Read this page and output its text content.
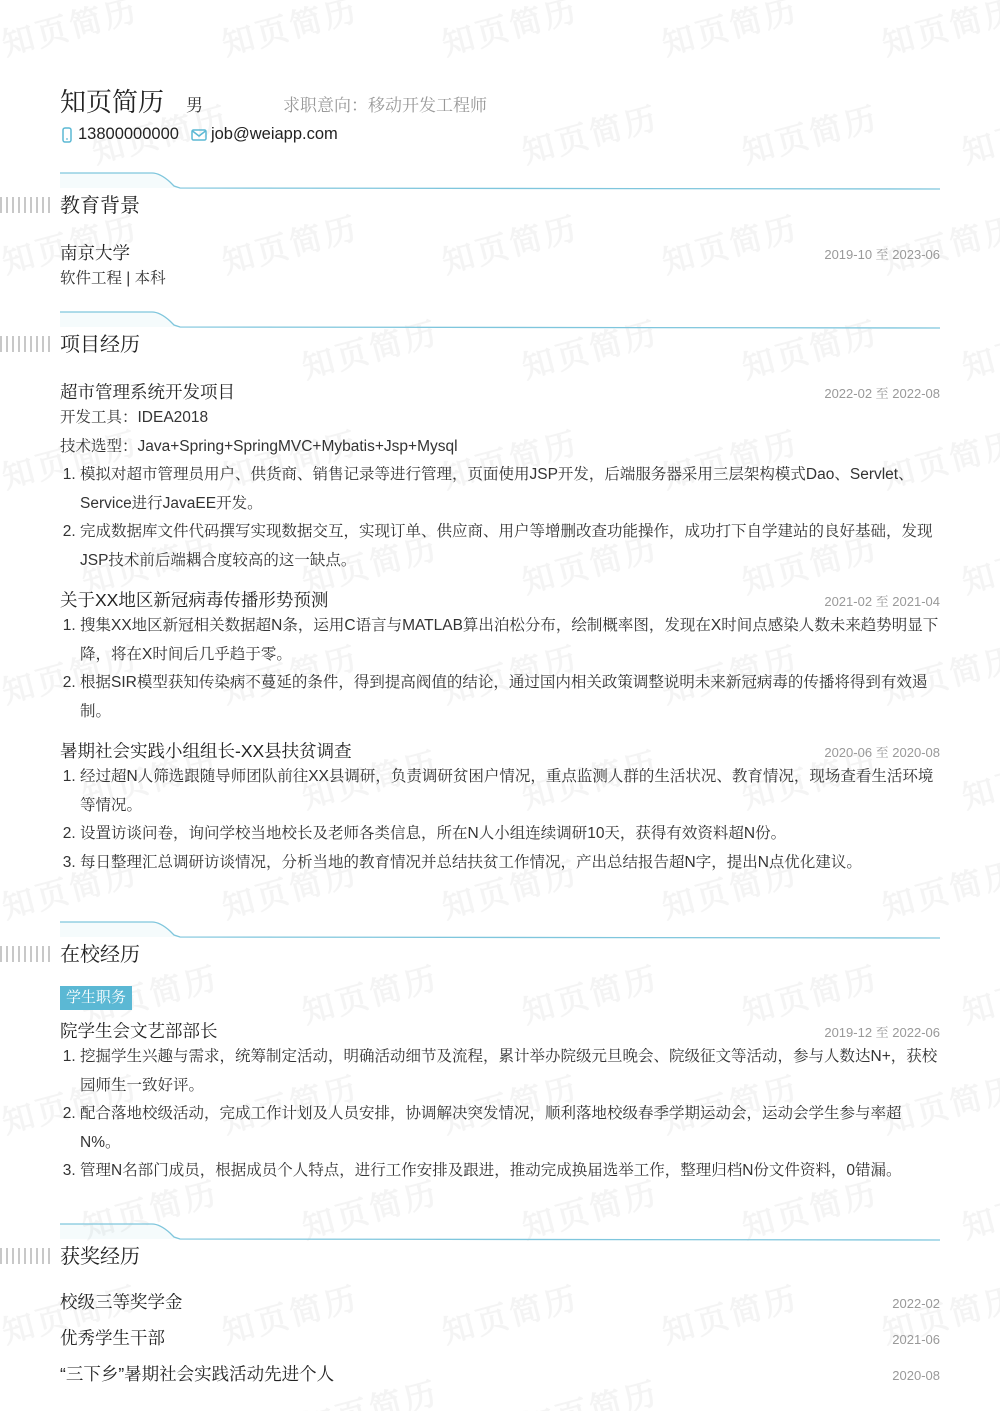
知页简历 男	求职意向：移动开发工程师
13800000000 job@weiapp.com
教育背景
南京大学	2019-10 至 2023-06
软件工程 | 本科
项目经历
超市管理系统开发项目	2022-02 至 2022-08
开发工具：IDEA2018
技术选型：Java+Spring+SpringMVC+Mybatis+Jsp+Mysql
1. 模拟对超市管理员用户、供货商、销售记录等进行管理，页面使用JSP开发，后端服务器采用三层架构模式Dao、Servlet、Service进行JavaEE开发。
2. 完成数据库文件代码撰写实现数据交互，实现订单、供应商、用户等增删改查功能操作，成功打下自学建站的良好基础，发现JSP技术前后端耦合度较高的这一缺点。
关于XX地区新冠病毒传播形势预测	2021-02 至 2021-04
1. 搜集XX地区新冠相关数据超N条，运用C语言与MATLAB算出泊松分布，绘制概率图，发现在X时间点感染人数未来趋势明显下降，将在X时间后几乎趋于零。
2. 根据SIR模型获知传染病不蔓延的条件，得到提高阀值的结论，通过国内相关政策调整说明未来新冠病毒的传播将得到有效遏制。
暑期社会实践小组组长-XX县扶贫调查	2020-06 至 2020-08
1. 经过超N人筛选跟随导师团队前往XX县调研，负责调研贫困户情况，重点监测人群的生活状况、教育情况，现场查看生活环境等情况。
2. 设置访谈问卷，询问学校当地校长及老师各类信息，所在N人小组连续调研10天，获得有效资料超N份。
3. 每日整理汇总调研访谈情况，分析当地的教育情况并总结扶贫工作情况，产出总结报告超N字，提出N点优化建议。
在校经历
学生职务
院学生会文艺部部长	2019-12 至 2022-06
1. 挖掘学生兴趣与需求，统筹制定活动，明确活动细节及流程，累计举办院级元旦晚会、院级征文等活动，参与人数达N+，获校园师生一致好评。
2. 配合落地校级活动，完成工作计划及人员安排，协调解决突发情况，顺利落地校级春季学期运动会，运动会学生参与率超N%。
3. 管理N名部门成员，根据成员个人特点，进行工作安排及跟进，推动完成换届选举工作，整理归档N份文件资料，0错漏。
获奖经历
校级三等奖学金	2022-02
优秀学生干部	2021-06
“三下乡”暑期社会实践活动先进个人	2020-08
